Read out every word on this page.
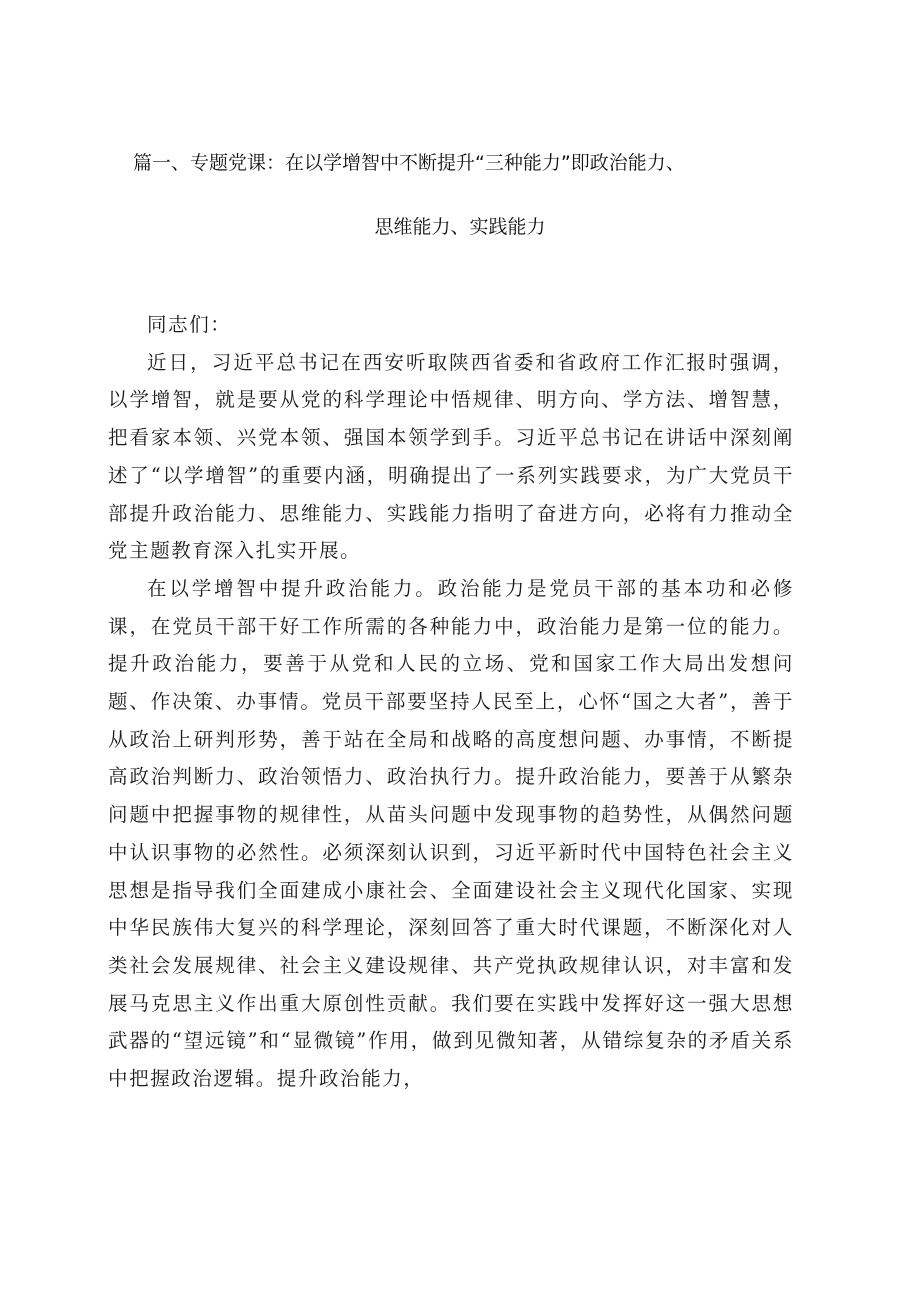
篇一、专题党课：在以学增智中不断提升“三种能力”即政治能力、
思维能力、实践能力

同志们：

近日，习近平总书记在西安听取陕西省委和省政府工作汇报时强调，以学增智，就是要从党的科学理论中悟规律、明方向、学方法、增智慧，把看家本领、兴党本领、强国本领学到手。习近平总书记在讲话中深刻阐述了“以学增智”的重要内涵，明确提出了一系列实践要求，为广大党员干部提升政治能力、思维能力、实践能力指明了奋进方向，必将有力推动全党主题教育深入扎实开展。

在以学增智中提升政治能力。政治能力是党员干部的基本功和必修课，在党员干部干好工作所需的各种能力中，政治能力是第一位的能力。提升政治能力，要善于从党和人民的立场、党和国家工作大局出发想问题、作决策、办事情。党员干部要坚持人民至上，心怀“国之大者”，善于从政治上研判形势，善于站在全局和战略的高度想问题、办事情，不断提高政治判断力、政治领悟力、政治执行力。提升政治能力，要善于从繁杂问题中把握事物的规律性，从苗头问题中发现事物的趋势性，从偶然问题中认识事物的必然性。必须深刻认识到，习近平新时代中国特色社会主义思想是指导我们全面建成小康社会、全面建设社会主义现代化国家、实现中华民族伟大复兴的科学理论，深刻回答了重大时代课题，不断深化对人类社会发展规律、社会主义建设规律、共产党执政规律认识，对丰富和发展马克思主义作出重大原创性贡献。我们要在实践中发挥好这一强大思想武器的“望远镜”和“显微镜”作用，做到见微知著，从错综复杂的矛盾关系中把握政治逻辑。提升政治能力，
